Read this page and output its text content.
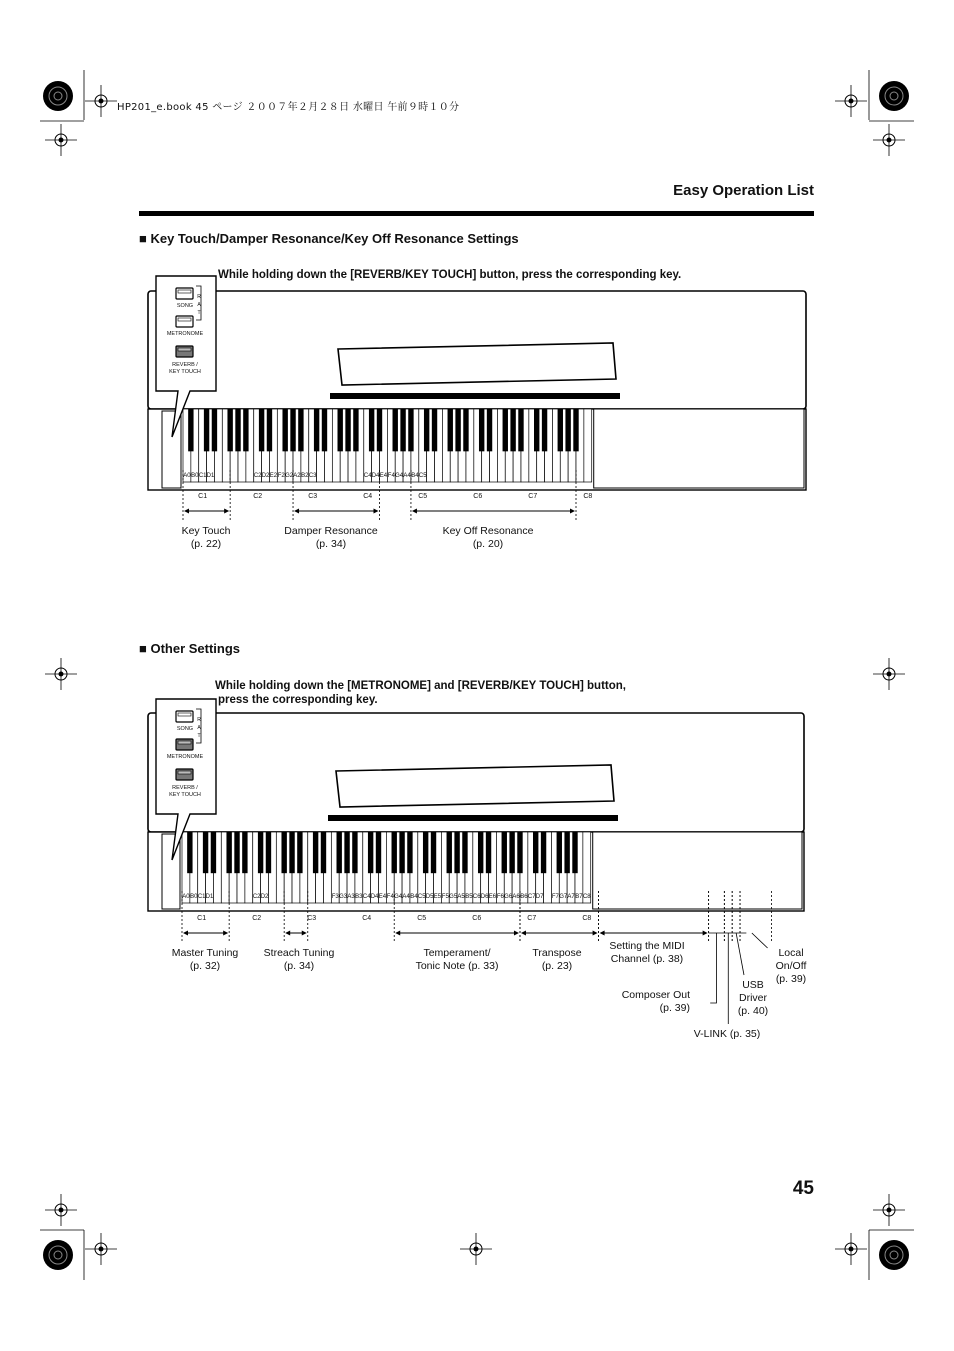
HP201_e.book 45 ページ ２００７年２月２８日 水曜日 午前９時１０分
Easy Operation List
■ Key Touch/Damper Resonance/Key Off Resonance Settings
While holding down the [REVERB/KEY TOUCH] button, press the corresponding key.
SONG
METRONOME
REVERB /
KEY TOUCH
R
A
T
A0 B0 C1 D1	C2 D2 E2 F2 G2 A2 B2 C3	C4 D4 E4 F4 G4 A4 B4 C5
C1	C2	C3	C4	C5	C6	C7	C8
Key Touch
(p. 22)
Damper Resonance
(p. 34)
Key Off Resonance
(p. 20)
■ Other Settings
While holding down the [METRONOME] and [REVERB/KEY TOUCH] button,
press the corresponding key.
SONG
METRONOME
REVERB /
KEY TOUCH
R
A
T
A0 B0 C1 D1	C2 D2	F3 G3 A3 B3 C4 D4 E4 F4 G4 A4 B4 C5 D5 E5 F5 G5 A5 B5 C6 D6 E6 F6 G6 A6 B6 C7 D7 F7 G7 A7 B7 C8
C1	C2	C3	C4	C5	C6	C7	C8
Master Tuning
(p. 32)
Streach Tuning
(p. 34)
Temperament/
Tonic Note (p. 33)
Transpose
(p. 23)
Setting the MIDI
Channel (p. 38)	Local
On/Off
(p. 39)
USB
Driver
(p. 40)
Composer Out
(p. 39)
V-LINK (p. 35)
45
